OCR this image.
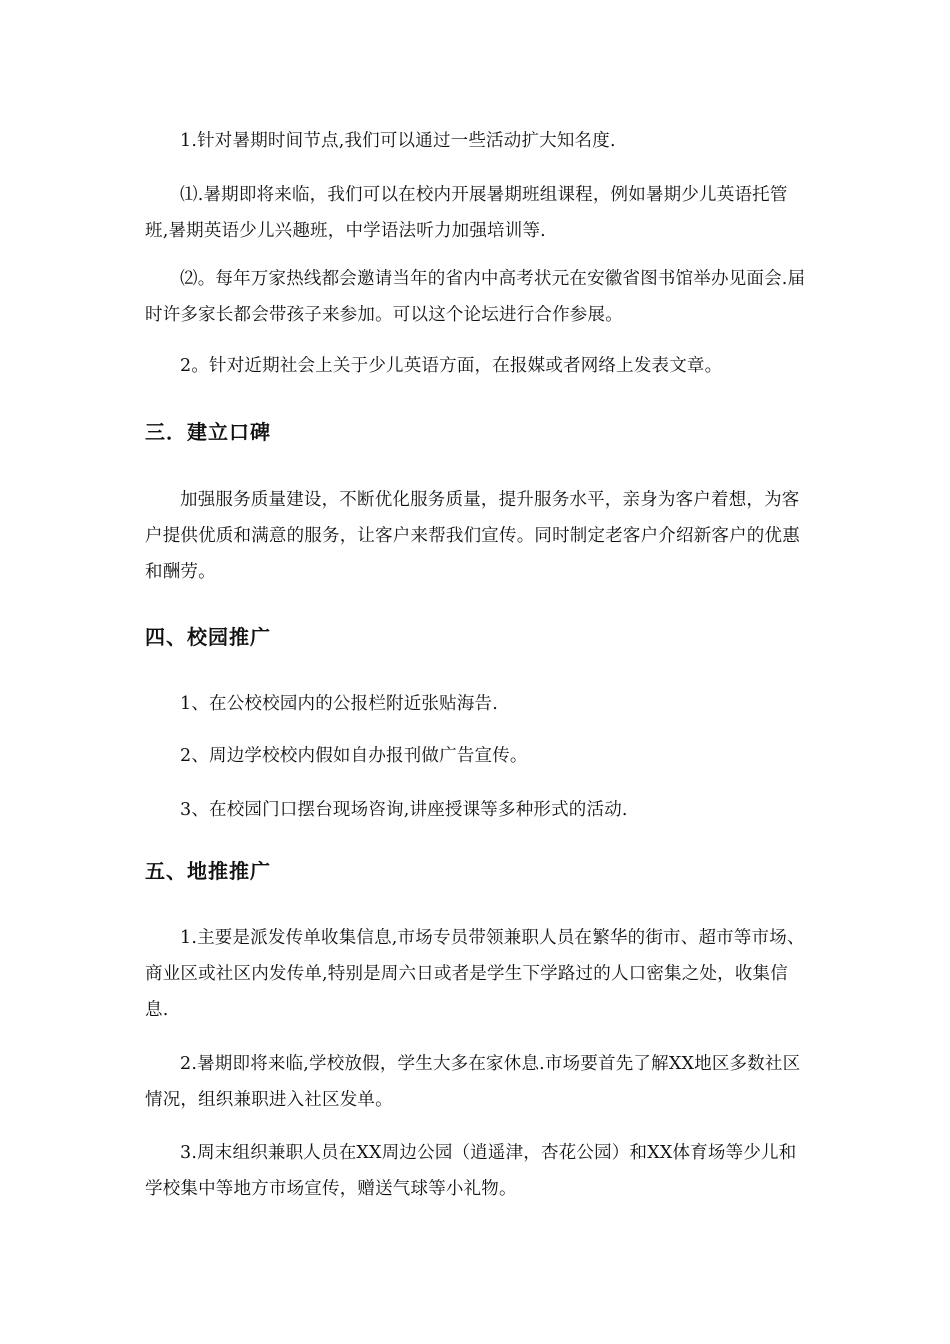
1.针对暑期时间节点,我们可以通过一些活动扩大知名度.

⑴.暑期即将来临，我们可以在校内开展暑期班组课程，例如暑期少儿英语托管班,暑期英语少儿兴趣班，中学语法听力加强培训等.

⑵。每年万家热线都会邀请当年的省内中高考状元在安徽省图书馆举办见面会.届时许多家长都会带孩子来参加。可以这个论坛进行合作参展。

2。针对近期社会上关于少儿英语方面，在报媒或者网络上发表文章。

三．建立口碑

加强服务质量建设，不断优化服务质量，提升服务水平，亲身为客户着想，为客户提供优质和满意的服务，让客户来帮我们宣传。同时制定老客户介绍新客户的优惠和酬劳。

四、校园推广

1、在公校校园内的公报栏附近张贴海告.

2、周边学校校内假如自办报刊做广告宣传。

3、在校园门口摆台现场咨询,讲座授课等多种形式的活动.

五、地推推广

1.主要是派发传单收集信息,市场专员带领兼职人员在繁华的街市、超市等市场、商业区或社区内发传单,特别是周六日或者是学生下学路过的人口密集之处，收集信息.

2.暑期即将来临,学校放假，学生大多在家休息.市场要首先了解XX地区多数社区情况，组织兼职进入社区发单。

3.周末组织兼职人员在XX周边公园（逍遥津，杏花公园）和XX体育场等少儿和学校集中等地方市场宣传，赠送气球等小礼物。
